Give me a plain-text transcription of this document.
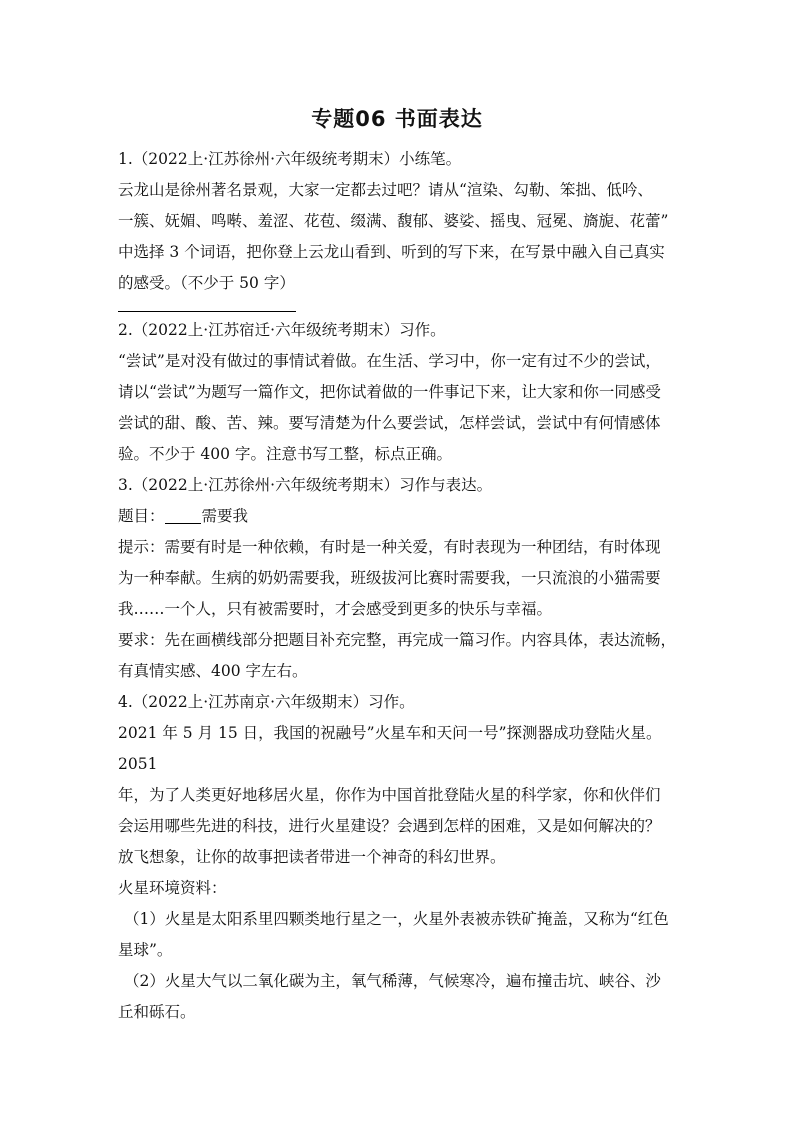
专题06 书面表达

1.（2022上·江苏徐州·六年级统考期末）小练笔。

云龙山是徐州著名景观，大家一定都去过吧？请从“渲染、勾勒、笨拙、低吟、

一簇、妩媚、鸣啭、羞涩、花苞、缀满、馥郁、婆娑、摇曳、冠冕、旖旎、花蕾”

中选择 3 个词语，把你登上云龙山看到、听到的写下来，在写景中融入自己真实

的感受。（不少于 50 字）

2.（2022上·江苏宿迁·六年级统考期末）习作。

“尝试”是对没有做过的事情试着做。在生活、学习中，你一定有过不少的尝试，

请以“尝试”为题写一篇作文，把你试着做的一件事记下来，让大家和你一同感受

尝试的甜、酸、苦、辣。要写清楚为什么要尝试，怎样尝试，尝试中有何情感体

验。不少于 400 字。注意书写工整，标点正确。

3.（2022上·江苏徐州·六年级统考期末）习作与表达。

题目： 需要我

提示：需要有时是一种依赖，有时是一种关爱，有时表现为一种团结，有时体现

为一种奉献。生病的奶奶需要我，班级拔河比赛时需要我，一只流浪的小猫需要

我……一个人，只有被需要时，才会感受到更多的快乐与幸福。

要求：先在画横线部分把题目补充完整，再完成一篇习作。内容具体，表达流畅，

有真情实感、400 字左右。

4.（2022上·江苏南京·六年级期末）习作。

2021 年 5 月 15 日，我国的祝融号”火星车和天问一号”探测器成功登陆火星。2051

年，为了人类更好地移居火星，你作为中国首批登陆火星的科学家，你和伙伴们

会运用哪些先进的科技，进行火星建设？会遇到怎样的困难，又是如何解决的？

放飞想象，让你的故事把读者带进一个神奇的科幻世界。

火星环境资料：

（1）火星是太阳系里四颗类地行星之一，火星外表被赤铁矿掩盖，又称为“红色

星球”。

（2）火星大气以二氧化碳为主，氧气稀薄，气候寒冷，遍布撞击坑、峡谷、沙

丘和砾石。
